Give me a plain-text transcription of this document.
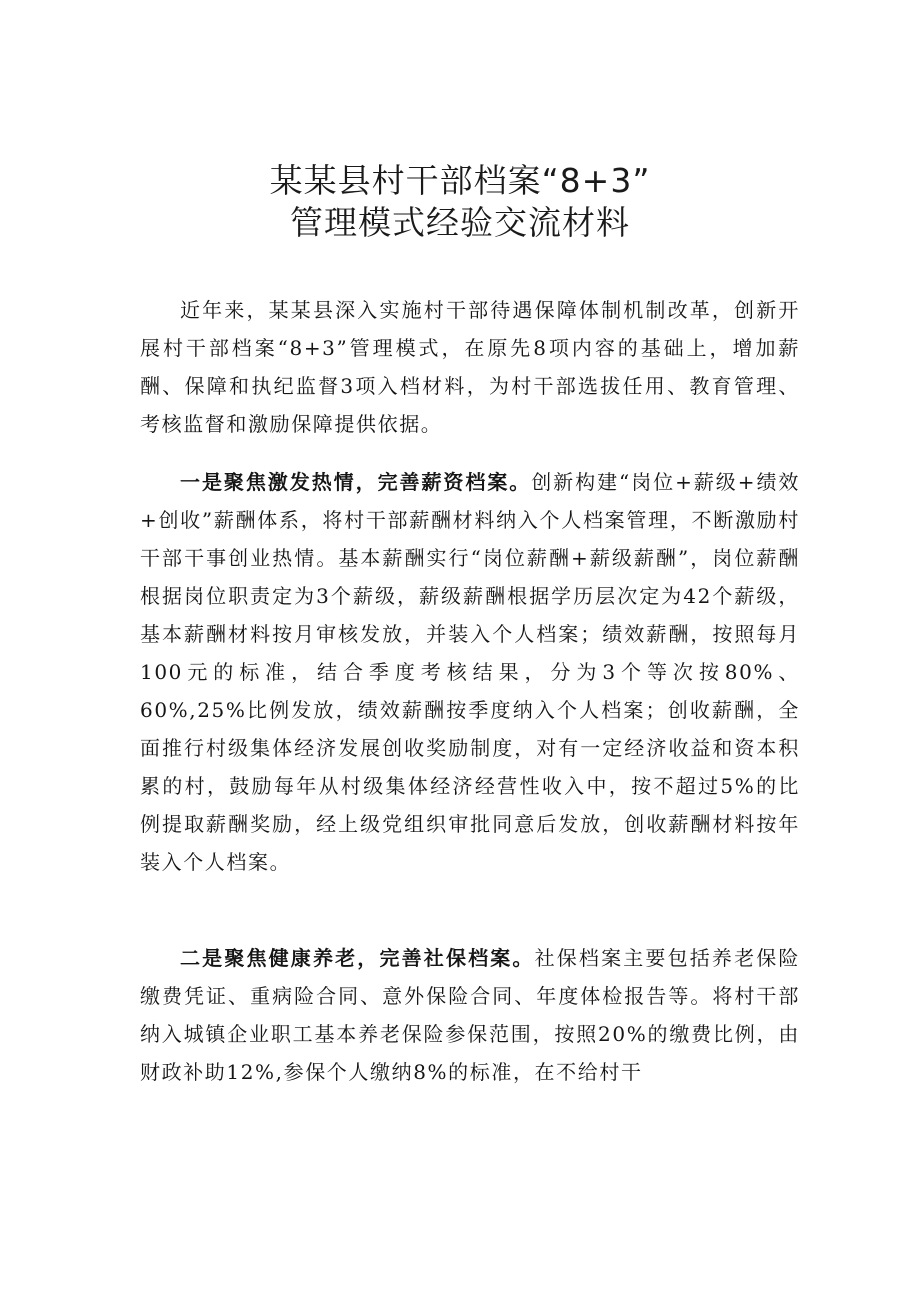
某某县村干部档案“8+3”
管理模式经验交流材料

近年来，某某县深入实施村干部待遇保障体制机制改革，创新开展村干部档案“8+3”管理模式，在原先8项内容的基础上，增加薪酬、保障和执纪监督3项入档材料，为村干部选拔任用、教育管理、考核监督和激励保障提供依据。

一是聚焦激发热情，完善薪资档案。创新构建“岗位+薪级+绩效+创收”薪酬体系，将村干部薪酬材料纳入个人档案管理，不断激励村干部干事创业热情。基本薪酬实行“岗位薪酬+薪级薪酬”，岗位薪酬根据岗位职责定为3个薪级，薪级薪酬根据学历层次定为42个薪级，基本薪酬材料按月审核发放，并装入个人档案；绩效薪酬，按照每月100元的标准，结合季度考核结果，分为3个等次按80%、60%,25%比例发放，绩效薪酬按季度纳入个人档案；创收薪酬，全面推行村级集体经济发展创收奖励制度，对有一定经济收益和资本积累的村，鼓励每年从村级集体经济经营性收入中，按不超过5%的比例提取薪酬奖励，经上级党组织审批同意后发放，创收薪酬材料按年装入个人档案。

二是聚焦健康养老，完善社保档案。社保档案主要包括养老保险缴费凭证、重病险合同、意外保险合同、年度体检报告等。将村干部纳入城镇企业职工基本养老保险参保范围，按照20%的缴费比例，由财政补助12%,参保个人缴纳8%的标准，在不给村干
